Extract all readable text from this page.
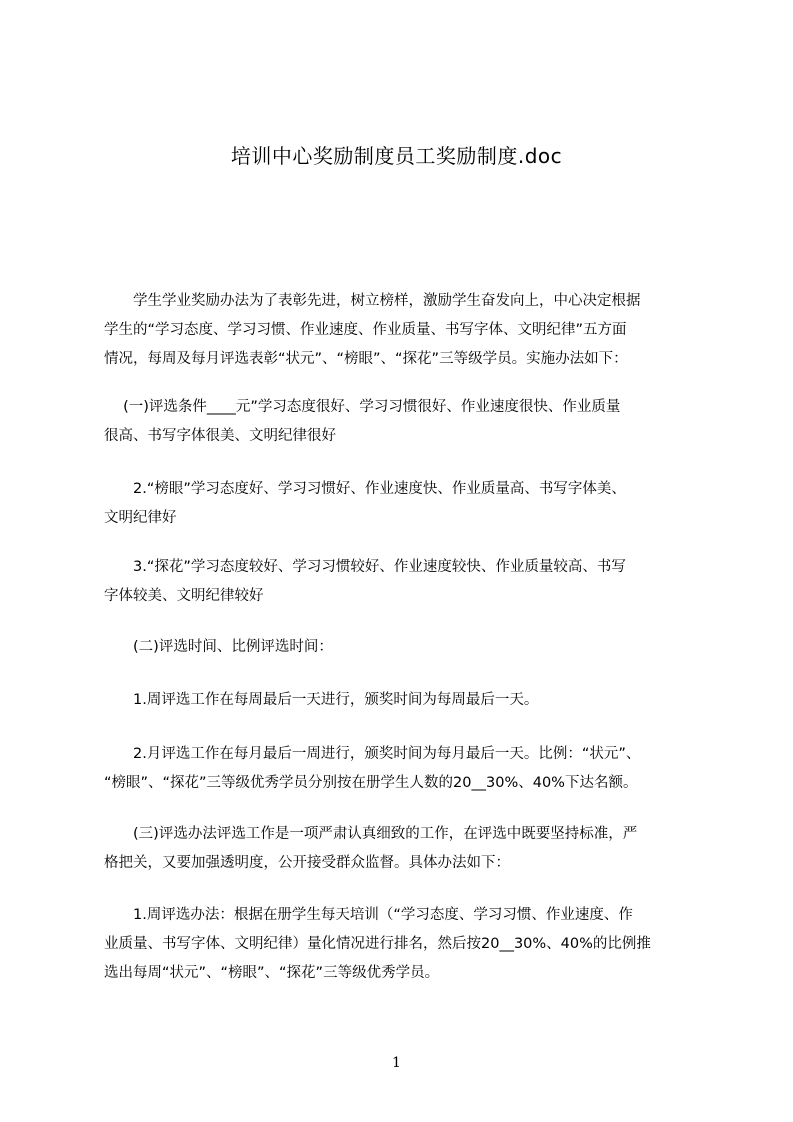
培训中心奖励制度员工奖励制度.doc

　　学生学业奖励办法为了表彰先进，树立榜样，激励学生奋发向上，中心决定根据
学生的“学习态度、学习习惯、作业速度、作业质量、书写字体、文明纪律”五方面
情况，每周及每月评选表彰“状元”、“榜眼”、“探花”三等级学员。实施办法如下：

　 (一)评选条件____元”学习态度很好、学习习惯很好、作业速度很快、作业质量
很高、书写字体很美、文明纪律很好

　　2.“榜眼”学习态度好、学习习惯好、作业速度快、作业质量高、书写字体美、
文明纪律好

　　3.“探花”学习态度较好、学习习惯较好、作业速度较快、作业质量较高、书写
字体较美、文明纪律较好

　　(二)评选时间、比例评选时间：

　　1.周评选工作在每周最后一天进行，颁奖时间为每周最后一天。

　　2.月评选工作在每月最后一周进行，颁奖时间为每月最后一天。比例：“状元”、
“榜眼”、“探花”三等级优秀学员分别按在册学生人数的20__30%、40%下达名额。

　　(三)评选办法评选工作是一项严肃认真细致的工作，在评选中既要坚持标准，严
格把关，又要加强透明度，公开接受群众监督。具体办法如下：

　　1.周评选办法：根据在册学生每天培训（“学习态度、学习习惯、作业速度、作
业质量、书写字体、文明纪律）量化情况进行排名，然后按20__30%、40%的比例推
选出每周“状元”、“榜眼”、“探花”三等级优秀学员。

1
